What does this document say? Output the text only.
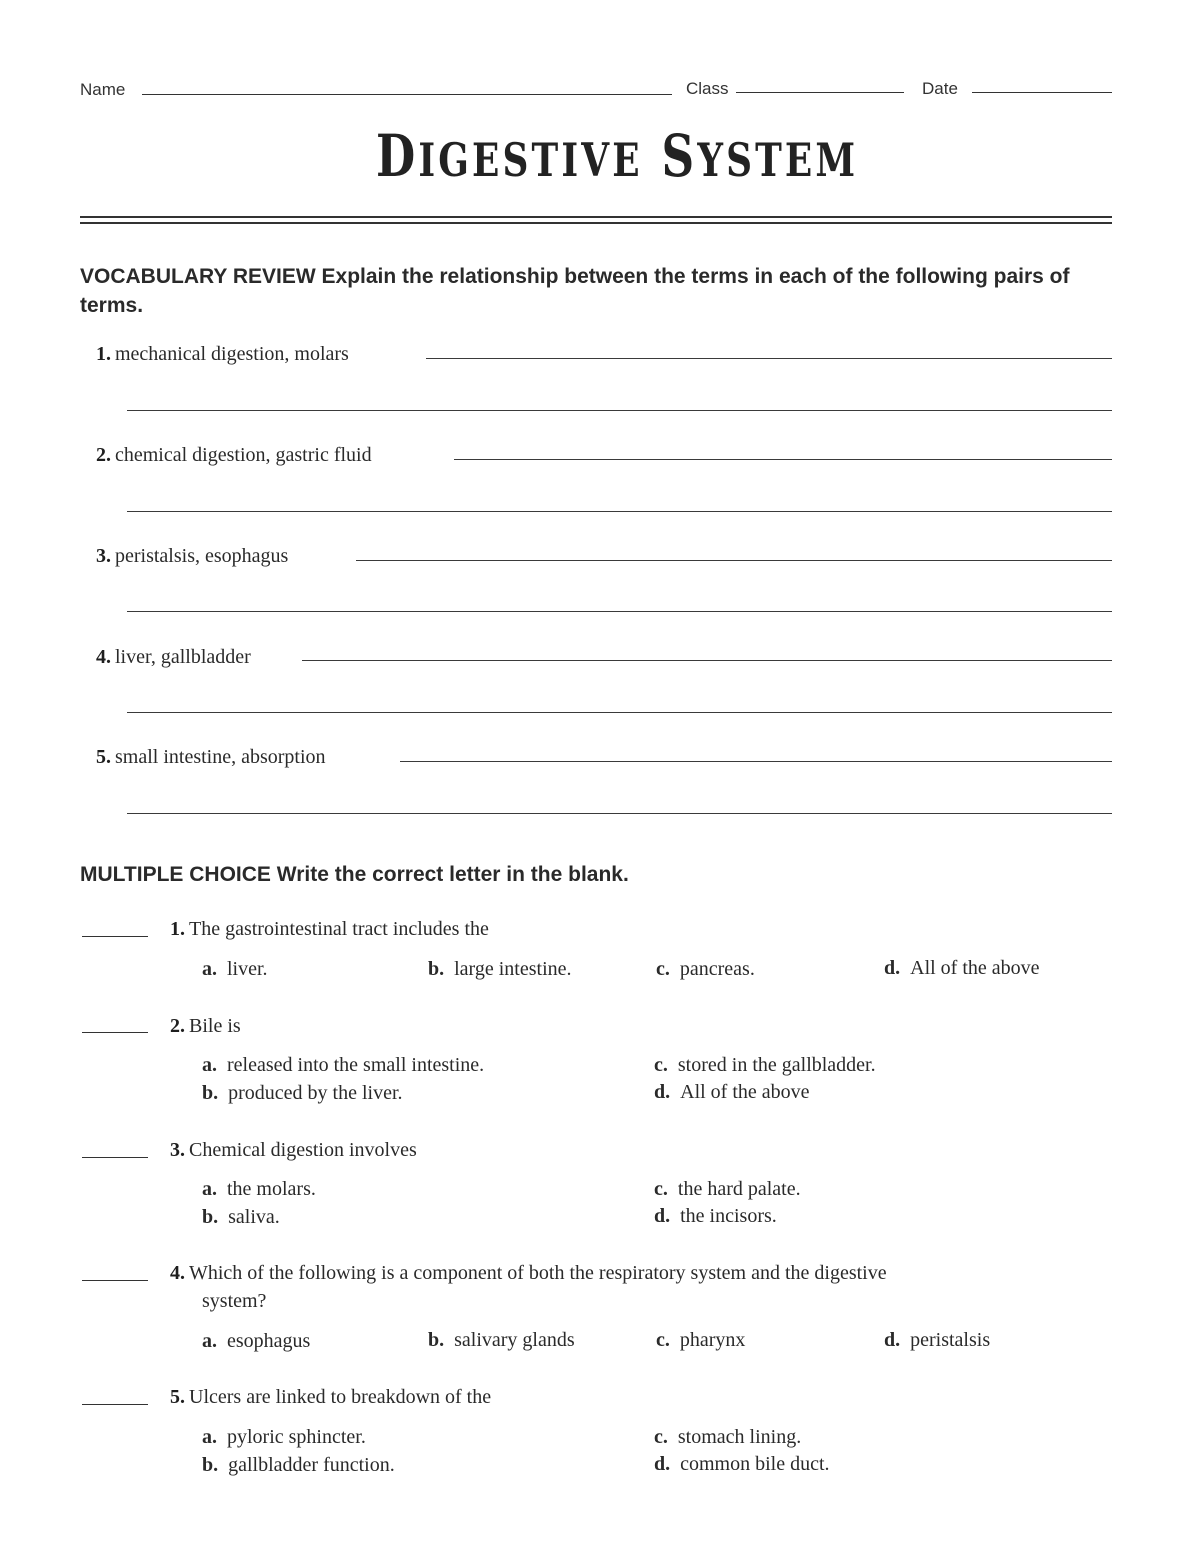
Name	Class	Date
DIGESTIVE SYSTEM
VOCABULARY REVIEW Explain the relationship between the terms in each of the following pairs of terms.
1. mechanical digestion, molars
2. chemical digestion, gastric fluid
3. peristalsis, esophagus
4. liver, gallbladder
5. small intestine, absorption
MULTIPLE CHOICE Write the correct letter in the blank.
1. The gastrointestinal tract includes the
a. liver.	b. large intestine.	c. pancreas.	d. All of the above
2. Bile is
a. released into the small intestine.
b. produced by the liver.
c. stored in the gallbladder.
d. All of the above
3. Chemical digestion involves
a. the molars.
b. saliva.
c. the hard palate.
d. the incisors.
4. Which of the following is a component of both the respiratory system and the digestive
system?
a. esophagus	b. salivary glands	c. pharynx	d. peristalsis
5. Ulcers are linked to breakdown of the
a. pyloric sphincter.
b. gallbladder function.
c. stomach lining.
d. common bile duct.
